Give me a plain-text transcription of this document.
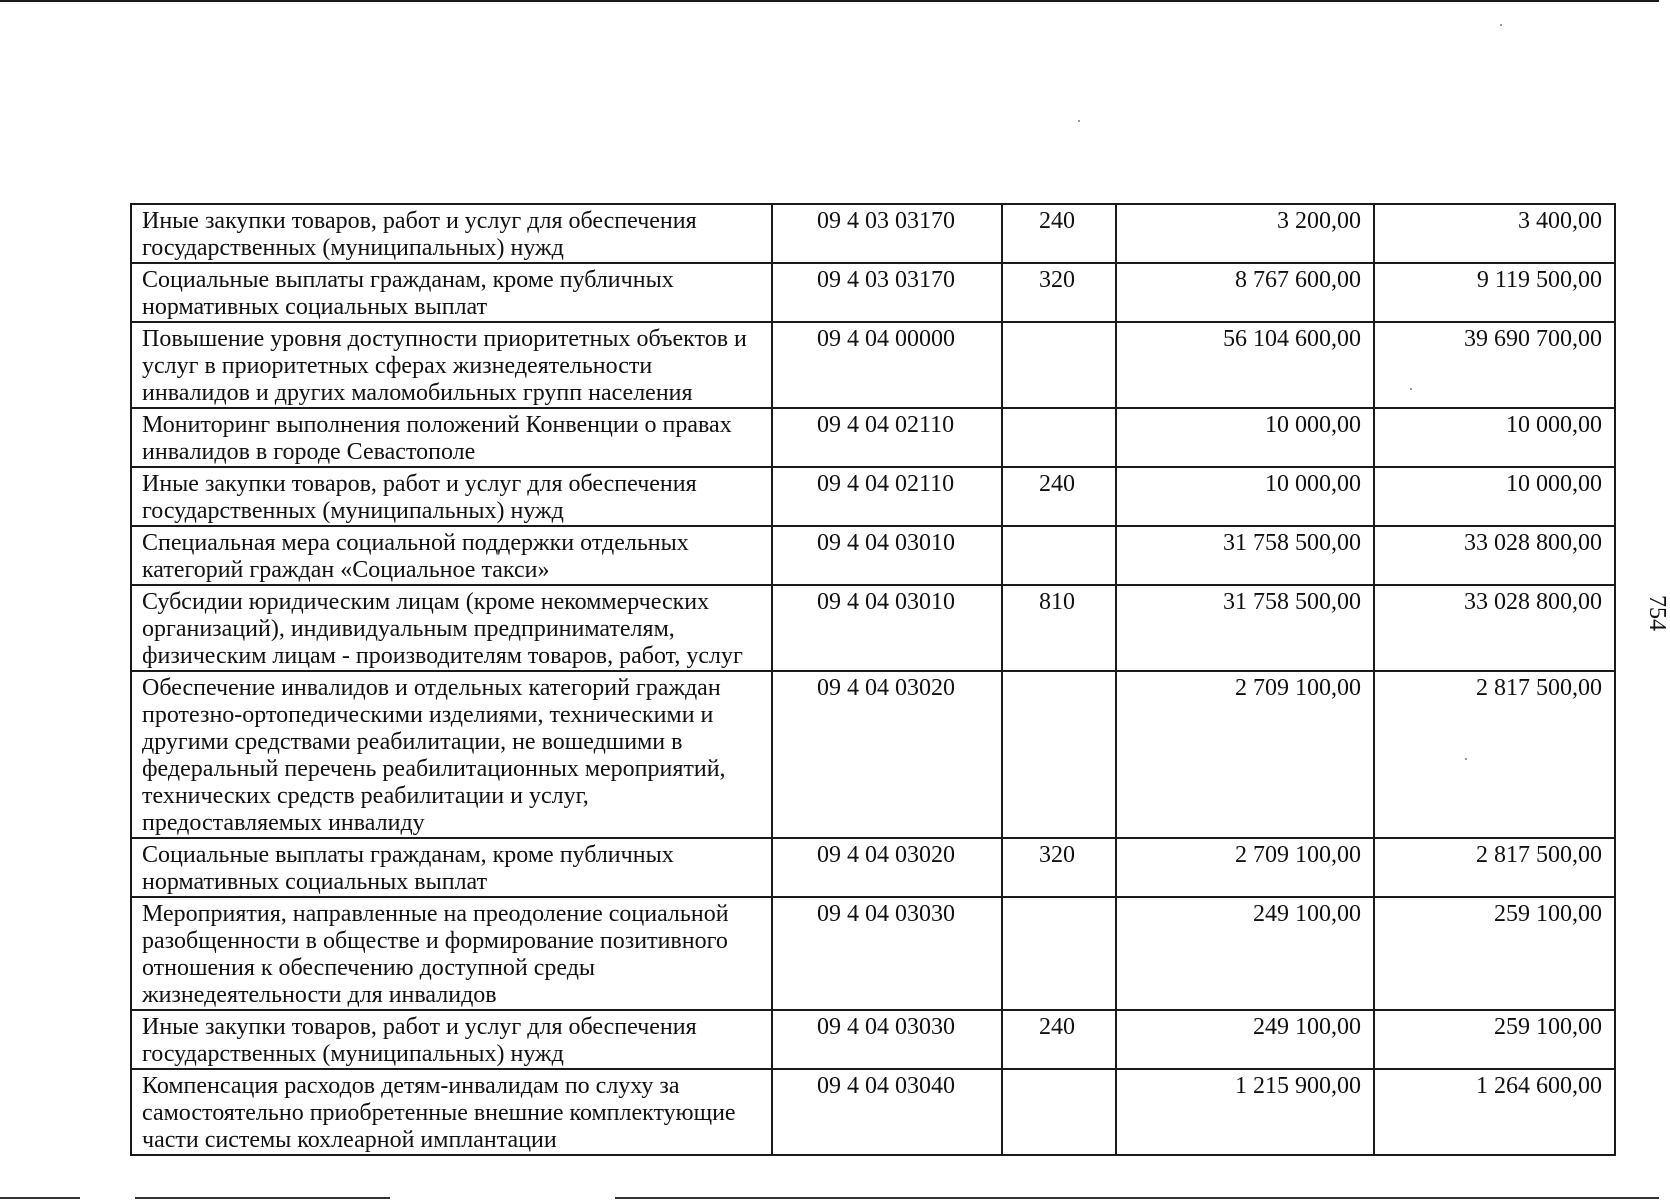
Иные закупки товаров, работ и услуг для обеспечения государственных (муниципальных) нужд	09 4 03 03170	240	3 200,00	3 400,00
Социальные выплаты гражданам, кроме публичных нормативных социальных выплат	09 4 03 03170	320	8 767 600,00	9 119 500,00
Повышение уровня доступности приоритетных объектов и услуг в приоритетных сферах жизнедеятельности инвалидов и других маломобильных групп населения	09 4 04 00000		56 104 600,00	39 690 700,00
Мониторинг выполнения положений Конвенции о правах инвалидов в городе Севастополе	09 4 04 02110		10 000,00	10 000,00
Иные закупки товаров, работ и услуг для обеспечения государственных (муниципальных) нужд	09 4 04 02110	240	10 000,00	10 000,00
Специальная мера социальной поддержки отдельных категорий граждан «Социальное такси»	09 4 04 03010		31 758 500,00	33 028 800,00
Субсидии юридическим лицам (кроме некоммерческих организаций), индивидуальным предпринимателям, физическим лицам - производителям товаров, работ, услуг	09 4 04 03010	810	31 758 500,00	33 028 800,00
Обеспечение инвалидов и отдельных категорий граждан протезно-ортопедическими изделиями, техническими и другими средствами реабилитации, не вошедшими в федеральный перечень реабилитационных мероприятий, технических средств реабилитации и услуг, предоставляемых инвалиду	09 4 04 03020		2 709 100,00	2 817 500,00
Социальные выплаты гражданам, кроме публичных нормативных социальных выплат	09 4 04 03020	320	2 709 100,00	2 817 500,00
Мероприятия, направленные на преодоление социальной разобщенности в обществе и формирование позитивного отношения к обеспечению доступной среды жизнедеятельности для инвалидов	09 4 04 03030		249 100,00	259 100,00
Иные закупки товаров, работ и услуг для обеспечения государственных (муниципальных) нужд	09 4 04 03030	240	249 100,00	259 100,00
Компенсация расходов детям-инвалидам по слуху за самостоятельно приобретенные внешние комплектующие части системы кохлеарной имплантации	09 4 04 03040		1 215 900,00	1 264 600,00
754
